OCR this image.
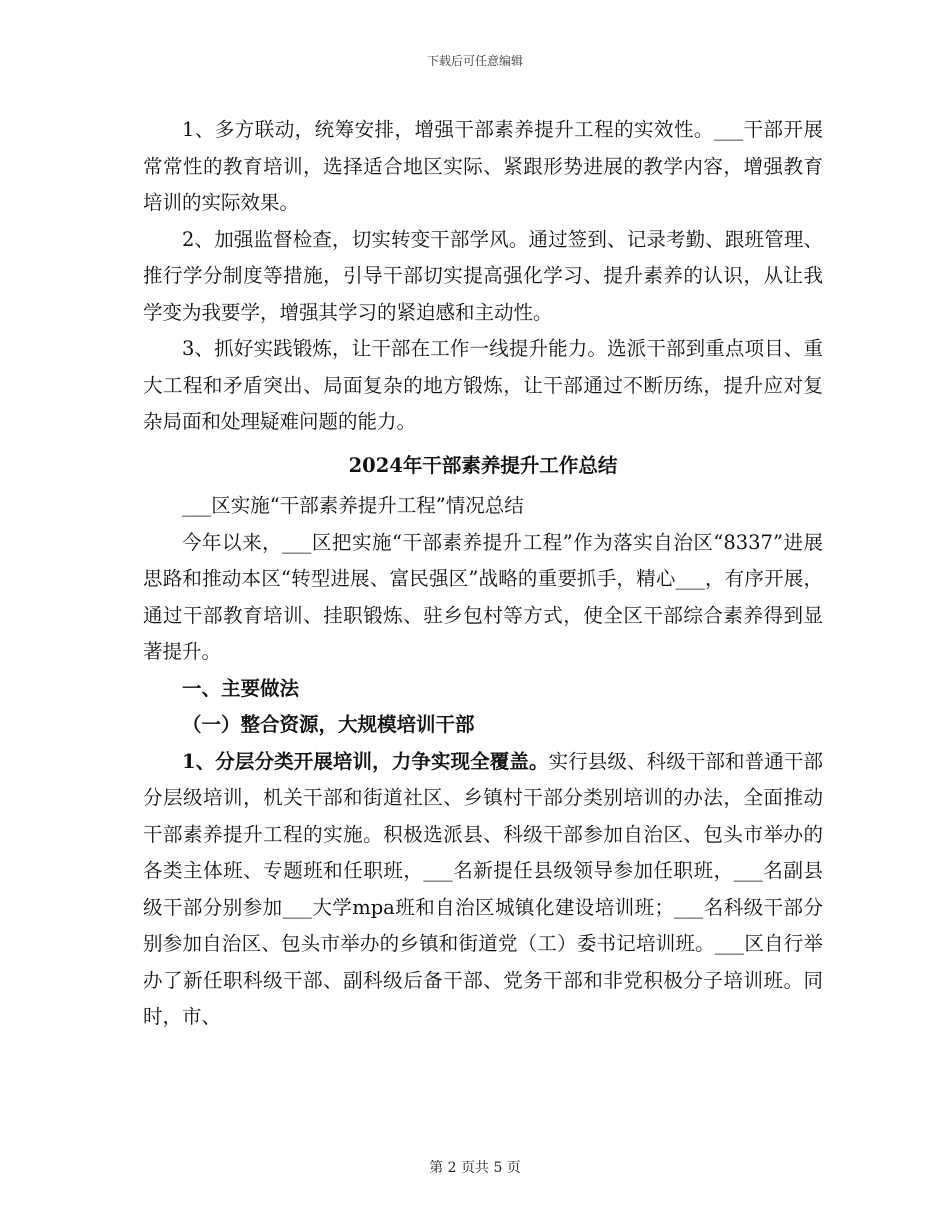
下载后可任意编辑

1、多方联动，统筹安排，增强干部素养提升工程的实效性。___干部开展常常性的教育培训，选择适合地区实际、紧跟形势进展的教学内容，增强教育培训的实际效果。

2、加强监督检查，切实转变干部学风。通过签到、记录考勤、跟班管理、推行学分制度等措施，引导干部切实提高强化学习、提升素养的认识，从让我学变为我要学，增强其学习的紧迫感和主动性。

3、抓好实践锻炼，让干部在工作一线提升能力。选派干部到重点项目、重大工程和矛盾突出、局面复杂的地方锻炼，让干部通过不断历练，提升应对复杂局面和处理疑难问题的能力。

2024年干部素养提升工作总结

___区实施“干部素养提升工程”情况总结

今年以来，___区把实施“干部素养提升工程”作为落实自治区“8337”进展思路和推动本区“转型进展、富民强区”战略的重要抓手，精心___，有序开展，通过干部教育培训、挂职锻炼、驻乡包村等方式，使全区干部综合素养得到显著提升。

一、主要做法

（一）整合资源，大规模培训干部

1、分层分类开展培训，力争实现全覆盖。实行县级、科级干部和普通干部分层级培训，机关干部和街道社区、乡镇村干部分类别培训的办法，全面推动干部素养提升工程的实施。积极选派县、科级干部参加自治区、包头市举办的各类主体班、专题班和任职班，___名新提任县级领导参加任职班，___名副县级干部分别参加___大学mpa班和自治区城镇化建设培训班；___名科级干部分别参加自治区、包头市举办的乡镇和街道党（工）委书记培训班。___区自行举办了新任职科级干部、副科级后备干部、党务干部和非党积极分子培训班。同时，市、

第 2 页共 5 页
